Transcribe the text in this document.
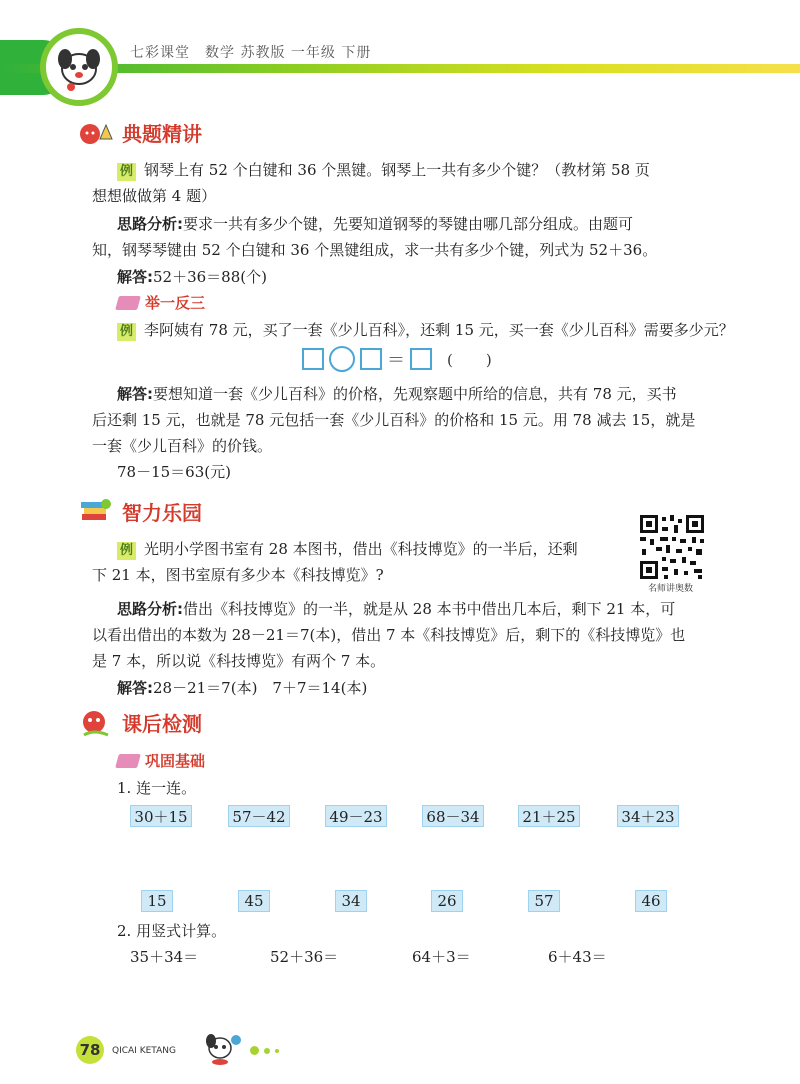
七彩课堂　数学 苏教版 一年级 下册
典题精讲
例 钢琴上有 52 个白键和 36 个黑键。钢琴上一共有多少个键？（教材第 58 页
想想做做第 4 题）
思路分析:要求一共有多少个键，先要知道钢琴的琴键由哪几部分组成。由题可
知，钢琴琴键由 52 个白键和 36 个黑键组成，求一共有多少个键，列式为 52＋36。
解答:52＋36＝88(个)
举一反三
例 李阿姨有 78 元，买了一套《少儿百科》，还剩 15 元，买一套《少儿百科》需要多少元？
＝	(　　)
解答:要想知道一套《少儿百科》的价格，先观察题中所给的信息，共有 78 元，买书
后还剩 15 元，也就是 78 元包括一套《少儿百科》的价格和 15 元。用 78 减去 15，就是
一套《少儿百科》的价钱。
78－15＝63(元)
智力乐园
例 光明小学图书室有 28 本图书，借出《科技博览》的一半后，还剩
下 21 本，图书室原有多少本《科技博览》?
名师讲奥数
思路分析:借出《科技博览》的一半，就是从 28 本书中借出几本后，剩下 21 本，可
以看出借出的本数为 28－21＝7(本)，借出 7 本《科技博览》后，剩下的《科技博览》也
是 7 本，所以说《科技博览》有两个 7 本。
解答:28－21＝7(本)　7＋7＝14(本)
课后检测
巩固基础
1. 连一连。
30＋15	57－42	49－23	68－34	21＋25	34＋23
15	45	34	26	57	46
2. 用竖式计算。
35＋34＝	52＋36＝	64＋3＝	6＋43＝
78	QICAI KETANG
